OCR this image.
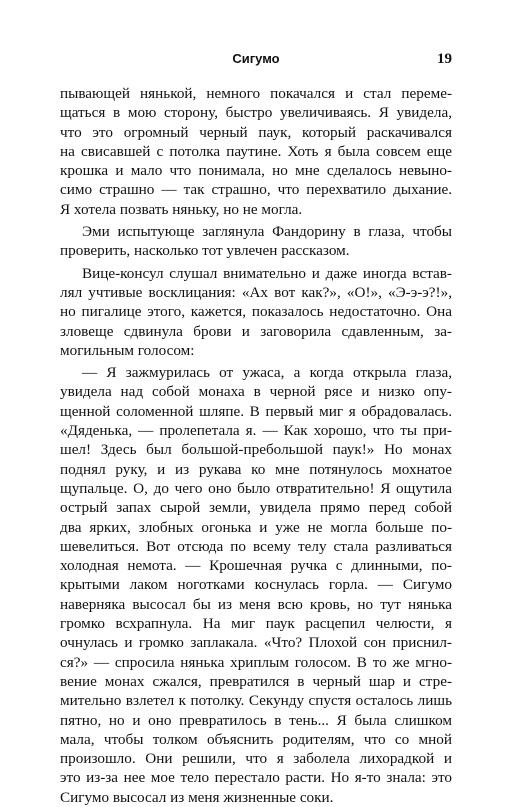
Сигумо	19
пывающей нянькой, немного покачался и стал переме-
щаться в мою сторону, быстро увеличиваясь. Я увидела,
что это огромный черный паук, который раскачивался
на свисавшей с потолка паутине. Хоть я была совсем еще
крошка и мало что понимала, но мне сделалось невыно-
симо страшно — так страшно, что перехватило дыхание.
Я хотела позвать няньку, но не могла.
Эми испытующе заглянула Фандорину в глаза, чтобы
проверить, насколько тот увлечен рассказом.
Вице-консул слушал внимательно и даже иногда встав-
лял учтивые восклицания: «Ах вот как?», «О!», «Э-э-э?!»,
но пигалице этого, кажется, показалось недостаточно. Она
зловеще сдвинула брови и заговорила сдавленным, за-
могильным голосом:
— Я зажмурилась от ужаса, а когда открыла глаза,
увидела над собой монаха в черной рясе и низко опу-
щенной соломенной шляпе. В первый миг я обрадовалась.
«Дяденька, — пролепетала я. — Как хорошо, что ты при-
шел! Здесь был большой-пребольшой паук!» Но монах
поднял руку, и из рукава ко мне потянулось мохнатое
щупальце. О, до чего оно было отвратительно! Я ощутила
острый запах сырой земли, увидела прямо перед собой
два ярких, злобных огонька и уже не могла больше по-
шевелиться. Вот отсюда по всему телу стала разливаться
холодная немота. — Крошечная ручка с длинными, по-
крытыми лаком ноготками коснулась горла. — Сигумо
наверняка высосал бы из меня всю кровь, но тут нянька
громко всхрапнула. На миг паук расцепил челюсти, я
очнулась и громко заплакала. «Что? Плохой сон приснил-
ся?» — спросила нянька хриплым голосом. В то же мгно-
вение монах сжался, превратился в черный шар и стре-
мительно взлетел к потолку. Секунду спустя осталось лишь
пятно, но и оно превратилось в тень... Я была слишком
мала, чтобы толком объяснить родителям, что со мной
произошло. Они решили, что я заболела лихорадкой и
это из-за нее мое тело перестало расти. Но я-то знала: это
Сигумо высосал из меня жизненные соки.
